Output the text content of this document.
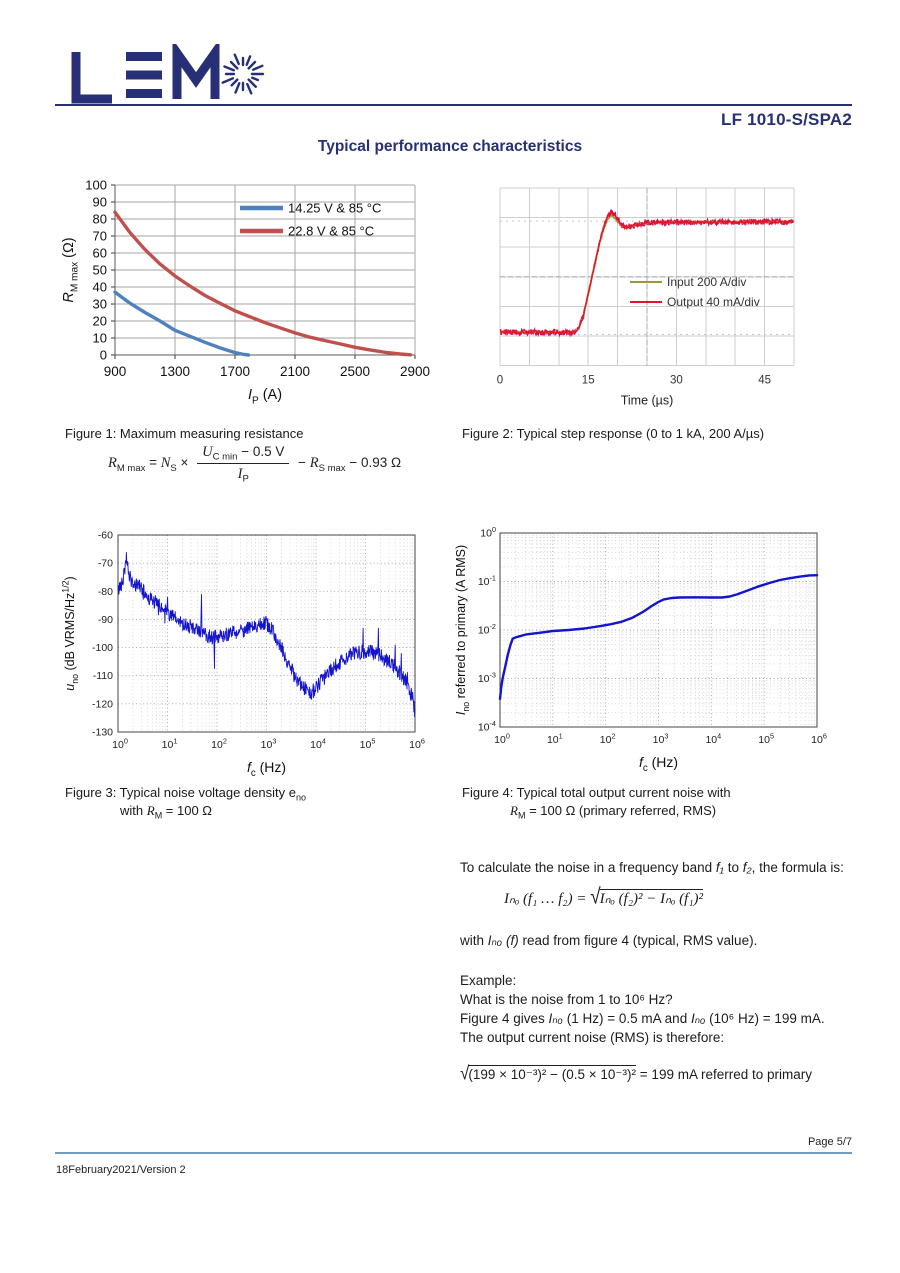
LF 1010-S/SPA2
Typical performance characteristics
0
10
20
30
40
50
60
70
80
90
100
900 1300 1700 2100 2500 2900
14.25 V & 85 °C
22.8 V & 85 °C
$I_P$ (A)
$R_{M max}$ (Ω)
Input 200 A/div
Output 40 mA/div
0	15	30	45
Time (µs)
-60
-70
-80
-90
-100
-110
-120
-130
$10^0$	$10^1$	$10^2$	$10^3$	$10^4$	$10^5$	$10^6$
$f_c$ (Hz)
$u_{no}$ (dB VRMS/$Hz^{1/2}$)
$10^0$
$10^{-1}$
$10^{-2}$
$10^{-3}$
$10^{-4}$
$10^0$	$10^1$	$10^2$	$10^3$	$10^4$	$10^5$	$10^6$
$f_c$ (Hz)
$I_{no}$ referred to primary (A RMS)
Figure 1: Maximum measuring resistance	Figure 2: Typical step response (0 to 1 kA, 200 A/µs)
$R_{M max} = N_S \times \frac{U_{C min} - 0.5 V}{I_P} - R_{S max} - 0.93$ Ω
Figure 3: Typical noise voltage density $e_{no}$
with $R_M = 100$ Ω
Figure 4: Typical total output current noise with
$R_M = 100$ Ω (primary referred, RMS)

To calculate the noise in a frequency band f₁ to f₂, the formula is:

Iₙₒ (f₁ … f₂) = √Iₙₒ (f₂)² − Iₙₒ (f₁)²

with Iₙₒ (f) read from figure 4 (typical, RMS value).

Example:
What is the noise from 1 to 10⁶ Hz?
Figure 4 gives Iₙₒ (1 Hz) = 0.5 mA and Iₙₒ (10⁶ Hz) = 199 mA.
The output current noise (RMS) is therefore:

√(199 × 10⁻³)² − (0.5 × 10⁻³)² = 199 mA referred to primary
Page 5/7
18February2021/Version 2
